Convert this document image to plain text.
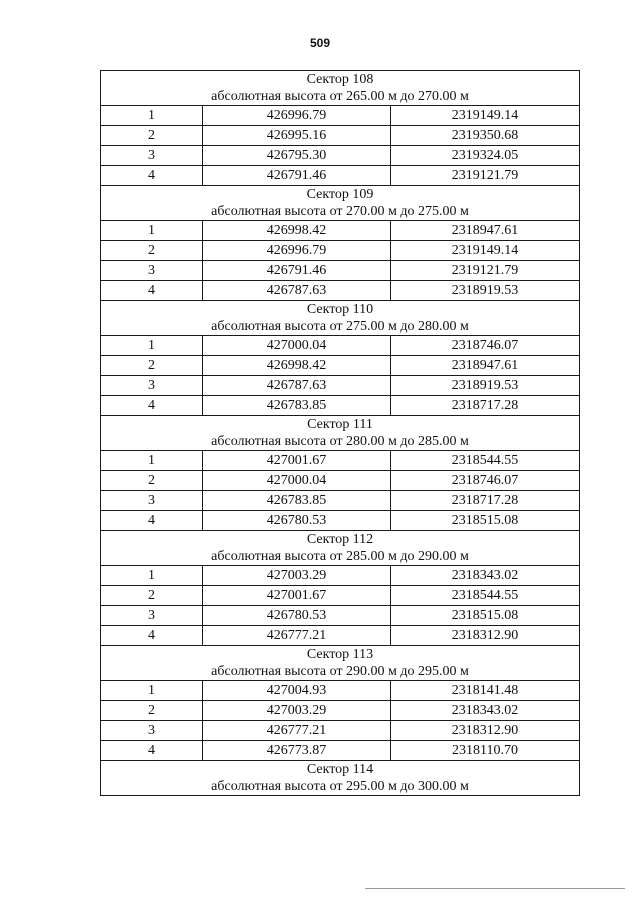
509
Сектор 108
абсолютная высота от 265.00 м до 270.00 м		

1	426996.79	2319149.14
2	426995.16	2319350.68
3	426795.30	2319324.05
4	426791.46	2319121.79

Сектор 109
абсолютная высота от 270.00 м до 275.00 м		

1	426998.42	2318947.61
2	426996.79	2319149.14
3	426791.46	2319121.79
4	426787.63	2318919.53

Сектор 110
абсолютная высота от 275.00 м до 280.00 м		

1	427000.04	2318746.07
2	426998.42	2318947.61
3	426787.63	2318919.53
4	426783.85	2318717.28

Сектор 111
абсолютная высота от 280.00 м до 285.00 м		

1	427001.67	2318544.55
2	427000.04	2318746.07
3	426783.85	2318717.28
4	426780.53	2318515.08

Сектор 112
абсолютная высота от 285.00 м до 290.00 м		

1	427003.29	2318343.02
2	427001.67	2318544.55
3	426780.53	2318515.08
4	426777.21	2318312.90

Сектор 113
абсолютная высота от 290.00 м до 295.00 м		

1	427004.93	2318141.48
2	427003.29	2318343.02
3	426777.21	2318312.90
4	426773.87	2318110.70

Сектор 114
абсолютная высота от 295.00 м до 300.00 м		
